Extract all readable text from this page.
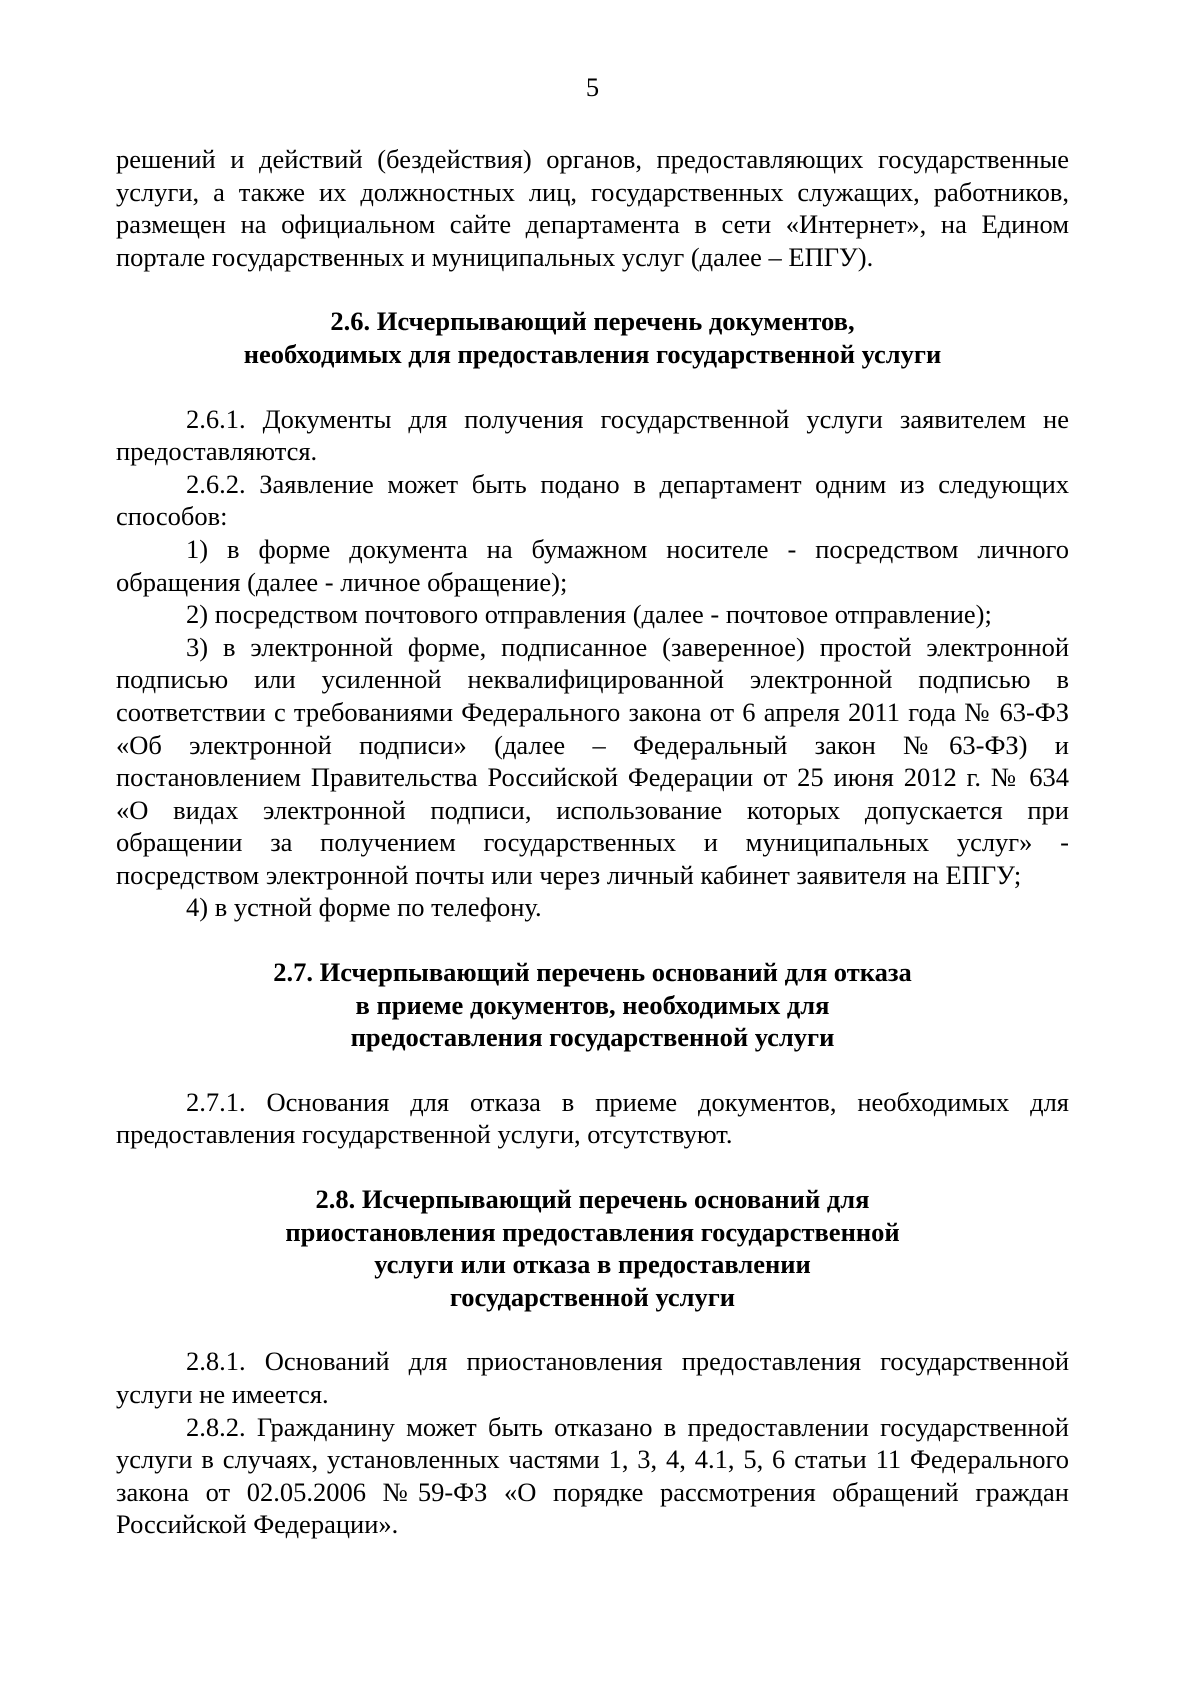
5

решений и действий (бездействия) органов, предоставляющих государственные услуги, а также их должностных лиц, государственных служащих, работников, размещен на официальном сайте департамента в сети «Интернет», на Едином портале государственных и муниципальных услуг (далее – ЕПГУ).

2.6. Исчерпывающий перечень документов,
необходимых для предоставления государственной услуги

2.6.1. Документы для получения государственной услуги заявителем не предоставляются.

2.6.2. Заявление может быть подано в департамент одним из следующих способов:

1) в форме документа на бумажном носителе - посредством личного обращения (далее - личное обращение);

2) посредством почтового отправления (далее - почтовое отправление);

3) в электронной форме, подписанное (заверенное) простой электронной подписью или усиленной неквалифицированной электронной подписью в соответствии с требованиями Федерального закона от 6 апреля 2011 года № 63-ФЗ «Об электронной подписи» (далее – Федеральный закон №63-ФЗ) и постановлением Правительства Российской Федерации от 25 июня 2012 г. № 634 «О видах электронной подписи, использование которых допускается при обращении за получением государственных и муниципальных услуг» - посредством электронной почты или через личный кабинет заявителя на ЕПГУ;

4) в устной форме по телефону.

2.7. Исчерпывающий перечень оснований для отказа
в приеме документов, необходимых для
предоставления государственной услуги

2.7.1. Основания для отказа в приеме документов, необходимых для предоставления государственной услуги, отсутствуют.

2.8. Исчерпывающий перечень оснований для
приостановления предоставления государственной
услуги или отказа в предоставлении
государственной услуги

2.8.1. Оснований для приостановления предоставления государственной услуги не имеется.

2.8.2. Гражданину может быть отказано в предоставлении государственной услуги в случаях, установленных частями 1, 3, 4, 4.1, 5, 6 статьи 11 Федерального закона от 02.05.2006 №59-ФЗ «О порядке рассмотрения обращений граждан Российской Федерации».
